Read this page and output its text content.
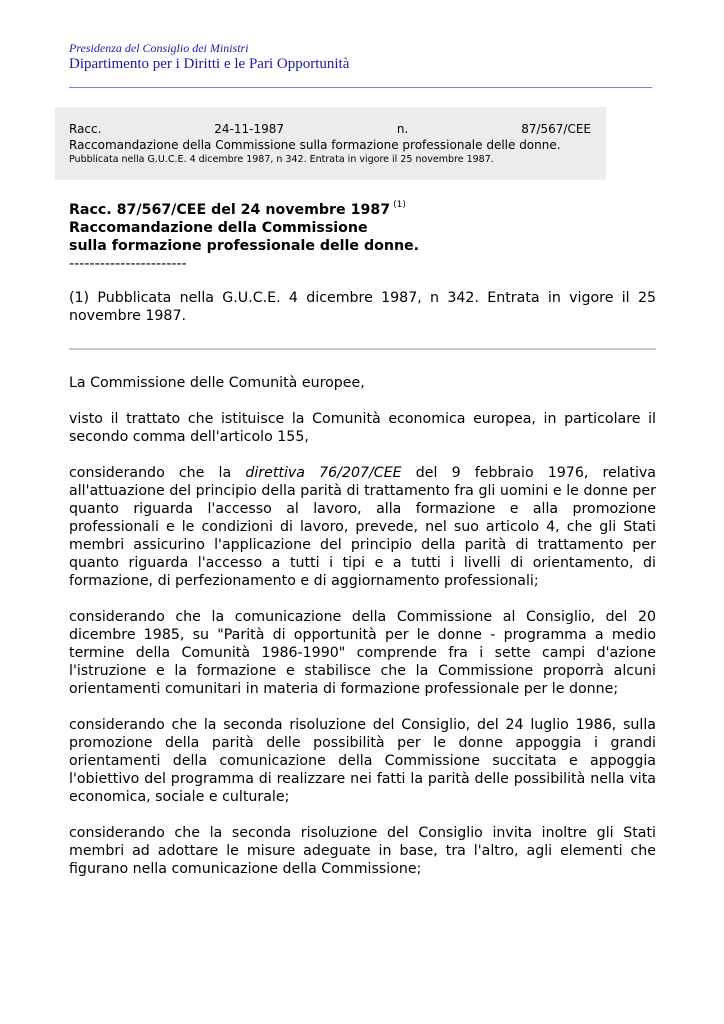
Presidenza del Consiglio dei Ministri
Dipartimento per i Diritti e le Pari Opportunità
Racc.	24-11-1987	n.	87/567/CEE
Raccomandazione della Commissione sulla formazione professionale delle donne.
Pubblicata nella G.U.C.E. 4 dicembre 1987, n 342. Entrata in vigore il 25 novembre 1987.
Racc. 87/567/CEE del 24 novembre 1987 $^{(1)}$
Raccomandazione della Commissione
sulla formazione professionale delle donne.
-----------------------

(1) Pubblicata nella G.U.C.E. 4 dicembre 1987, n 342. Entrata in vigore il 25 novembre 1987.

La Commissione delle Comunità europee,

visto il trattato che istituisce la Comunità economica europea, in particolare il secondo comma dell'articolo 155,

considerando che la direttiva 76/207/CEE del 9 febbraio 1976, relativa all'attuazione del principio della parità di trattamento fra gli uomini e le donne per quanto riguarda l'accesso al lavoro, alla formazione e alla promozione professionali e le condizioni di lavoro, prevede, nel suo articolo 4, che gli Stati membri assicurino l'applicazione del principio della parità di trattamento per quanto riguarda l'accesso a tutti i tipi e a tutti i livelli di orientamento, di formazione, di perfezionamento e di aggiornamento professionali;

considerando che la comunicazione della Commissione al Consiglio, del 20 dicembre 1985, su "Parità di opportunità per le donne - programma a medio termine della Comunità 1986-1990" comprende fra i sette campi d'azione l'istruzione e la formazione e stabilisce che la Commissione proporrà alcuni orientamenti comunitari in materia di formazione professionale per le donne;

considerando che la seconda risoluzione del Consiglio, del 24 luglio 1986, sulla promozione della parità delle possibilità per le donne appoggia i grandi orientamenti della comunicazione della Commissione succitata e appoggia l'obiettivo del programma di realizzare nei fatti la parità delle possibilità nella vita economica, sociale e culturale;

considerando che la seconda risoluzione del Consiglio invita inoltre gli Stati membri ad adottare le misure adeguate in base, tra l'altro, agli elementi che figurano nella comunicazione della Commissione;
